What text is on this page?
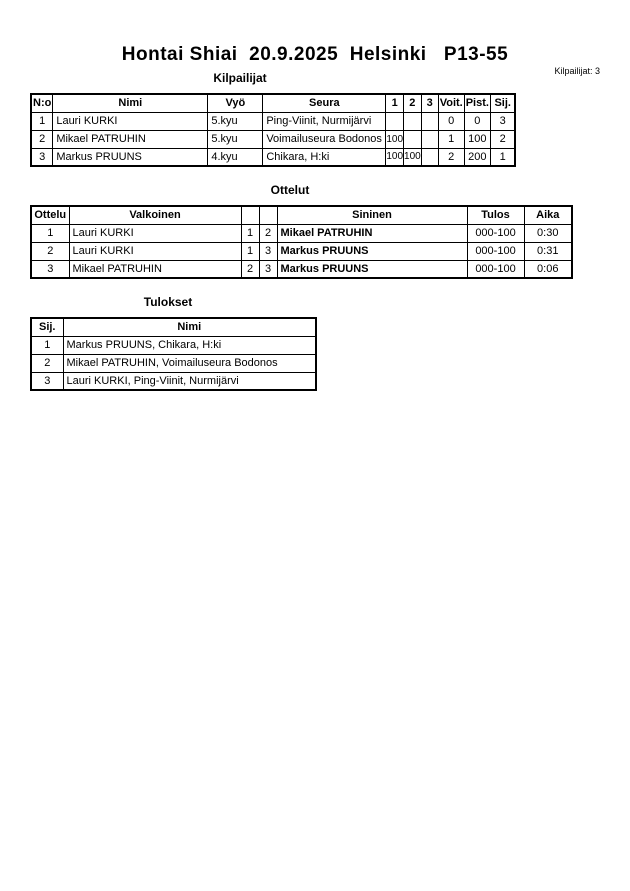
Hontai Shiai  20.9.2025  Helsinki   P13-55
Kilpailijat: 3
Kilpailijat
N:o	Nimi	Vyö	Seura	1	2	3	Voit.	Pist.	Sij.
1	Lauri KURKI	5.kyu	Ping-Viinit, Nurmijärvi				0	0	3
2	Mikael PATRUHIN	5.kyu	Voimailuseura Bodonos	100			1	100	2
3	Markus PRUUNS	4.kyu	Chikara, H:ki	100	100		2	200	1
Ottelut
Ottelu	Valkoinen			Sininen	Tulos	Aika
1	Lauri KURKI	1	2	Mikael PATRUHIN	000-100	0:30
2	Lauri KURKI	1	3	Markus PRUUNS	000-100	0:31
3	Mikael PATRUHIN	2	3	Markus PRUUNS	000-100	0:06
Tulokset
Sij.	Nimi
1	Markus PRUUNS, Chikara, H:ki
2	Mikael PATRUHIN, Voimailuseura Bodonos
3	Lauri KURKI, Ping-Viinit, Nurmijärvi
